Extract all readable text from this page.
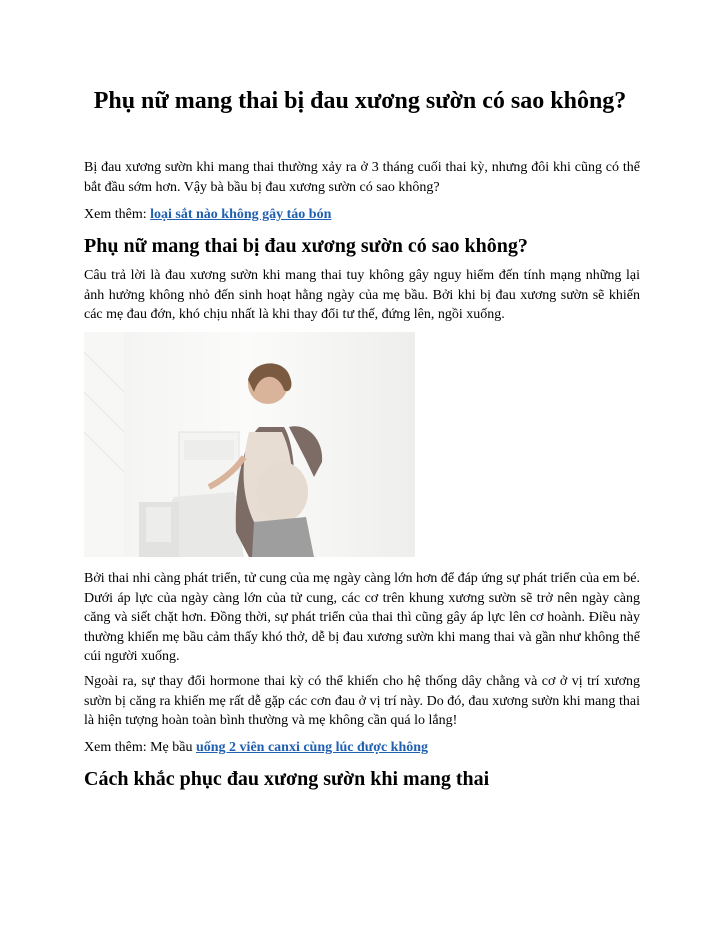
Phụ nữ mang thai bị đau xương sườn có sao không?

Bị đau xương sườn khi mang thai thường xảy ra ở 3 tháng cuối thai kỳ, nhưng đôi khi cũng có thể bắt đầu sớm hơn. Vậy bà bầu bị đau xương sườn có sao không?

Xem thêm: loại sắt nào không gây táo bón

Phụ nữ mang thai bị đau xương sườn có sao không?

Câu trả lời là đau xương sườn khi mang thai tuy không gây nguy hiểm đến tính mạng những lại ảnh hưởng không nhỏ đến sinh hoạt hằng ngày của mẹ bầu. Bởi khi bị đau xương sườn sẽ khiến các mẹ đau đớn, khó chịu nhất là khi thay đổi tư thế, đứng lên, ngồi xuống.

Bởi thai nhi càng phát triển, tử cung của mẹ ngày càng lớn hơn để đáp ứng sự phát triển của em bé. Dưới áp lực của ngày càng lớn của tử cung, các cơ trên khung xương sườn sẽ trở nên ngày càng căng và siết chặt hơn. Đồng thời, sự phát triển của thai thì cũng gây áp lực lên cơ hoành. Điều này thường khiến mẹ bầu cảm thấy khó thở, dễ bị đau xương sườn khi mang thai và gần như không thể cúi người xuống.

Ngoài ra, sự thay đổi hormone thai kỳ có thể khiến cho hệ thống dây chằng và cơ ở vị trí xương sườn bị căng ra khiến mẹ rất dễ gặp các cơn đau ở vị trí này. Do đó, đau xương sườn khi mang thai là hiện tượng hoàn toàn bình thường và mẹ không cần quá lo lắng!

Xem thêm: Mẹ bầu uống 2 viên canxi cùng lúc được không

Cách khắc phục đau xương sườn khi mang thai
